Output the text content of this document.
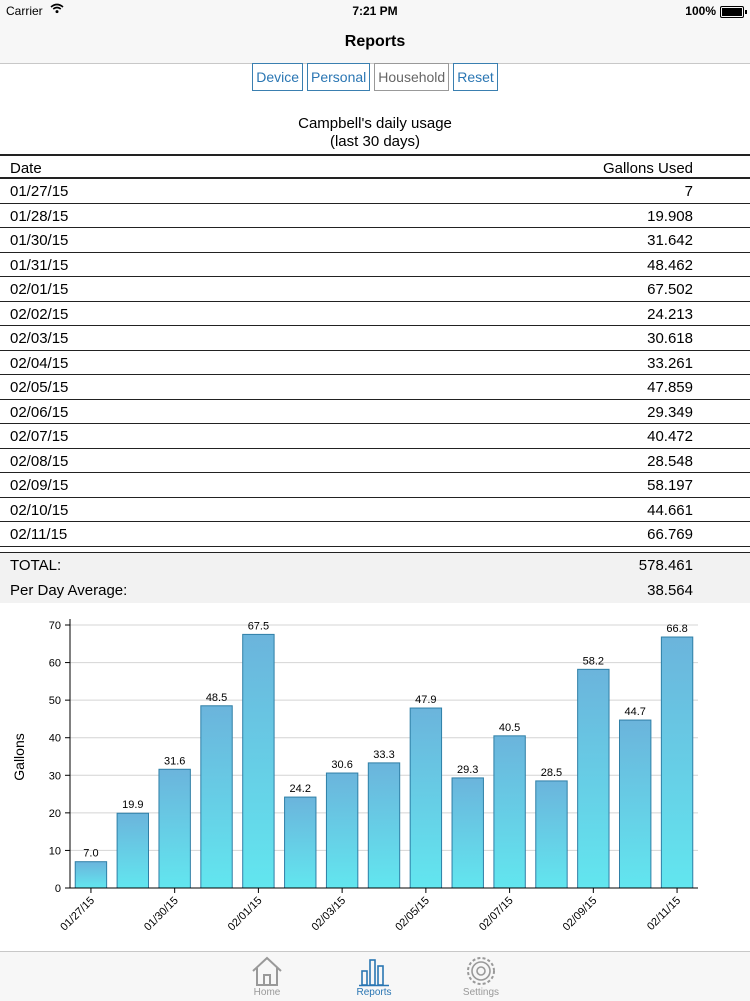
Carrier	7:21 PM	100%
Reports
Device Personal Household Reset
Campbell's daily usage
(last 30 days)
Date	Gallons Used
01/27/15	7
01/28/15	19.908
01/30/15	31.642
01/31/15	48.462
02/01/15	67.502
02/02/15	24.213
02/03/15	30.618
02/04/15	33.261
02/05/15	47.859
02/06/15	29.349
02/07/15	40.472
02/08/15	28.548
02/09/15	58.197
02/10/15	44.661
02/11/15	66.769
TOTAL:	578.461
Per Day Average:	38.564
7.0
19.9
31.6
48.5
67.5
24.2
30.6
33.3
47.9
29.3
40.5
28.5
58.2
44.7
66.8
0
10
20
30
40
50
60
70
01/27/15	01/30/15	02/01/15	02/03/15	02/05/15	02/07/15	02/09/15	02/11/15
Gallons
Home	Reports	Settings
